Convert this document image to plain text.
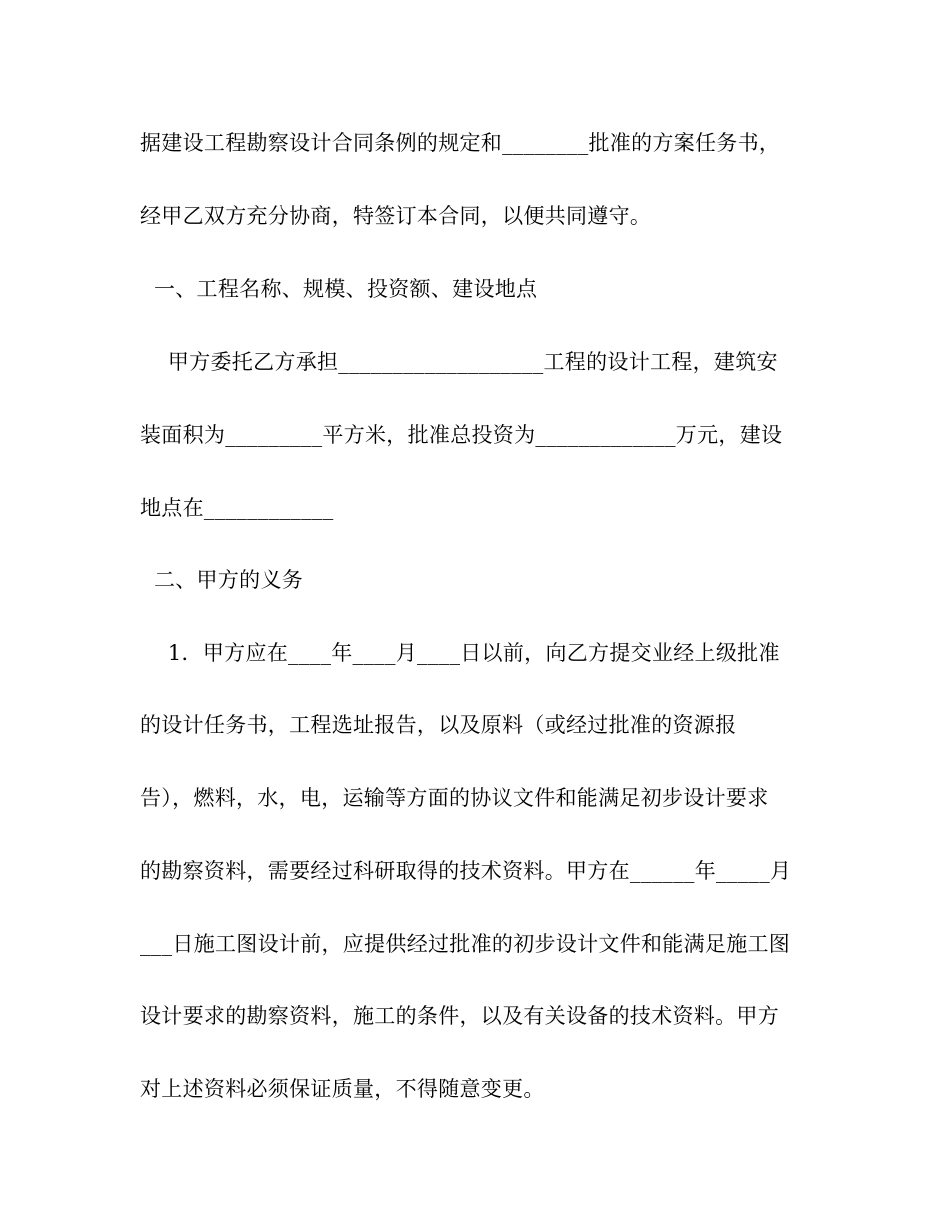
据建设工程勘察设计合同条例的规定和________批准的方案任务书，
经甲乙双方充分协商，特签订本合同，以便共同遵守。
一、工程名称、规模、投资额、建设地点
甲方委托乙方承担___________________工程的设计工程，建筑安
装面积为_________平方米，批准总投资为_____________万元，建设
地点在____________
二、甲方的义务
1．甲方应在____年____月____日以前，向乙方提交业经上级批准
的设计任务书，工程选址报告，以及原料（或经过批准的资源报
告），燃料，水，电，运输等方面的协议文件和能满足初步设计要求
的勘察资料，需要经过科研取得的技术资料。甲方在______年_____月
___日施工图设计前，应提供经过批准的初步设计文件和能满足施工图
设计要求的勘察资料，施工的条件，以及有关设备的技术资料。甲方
对上述资料必须保证质量，不得随意变更。
